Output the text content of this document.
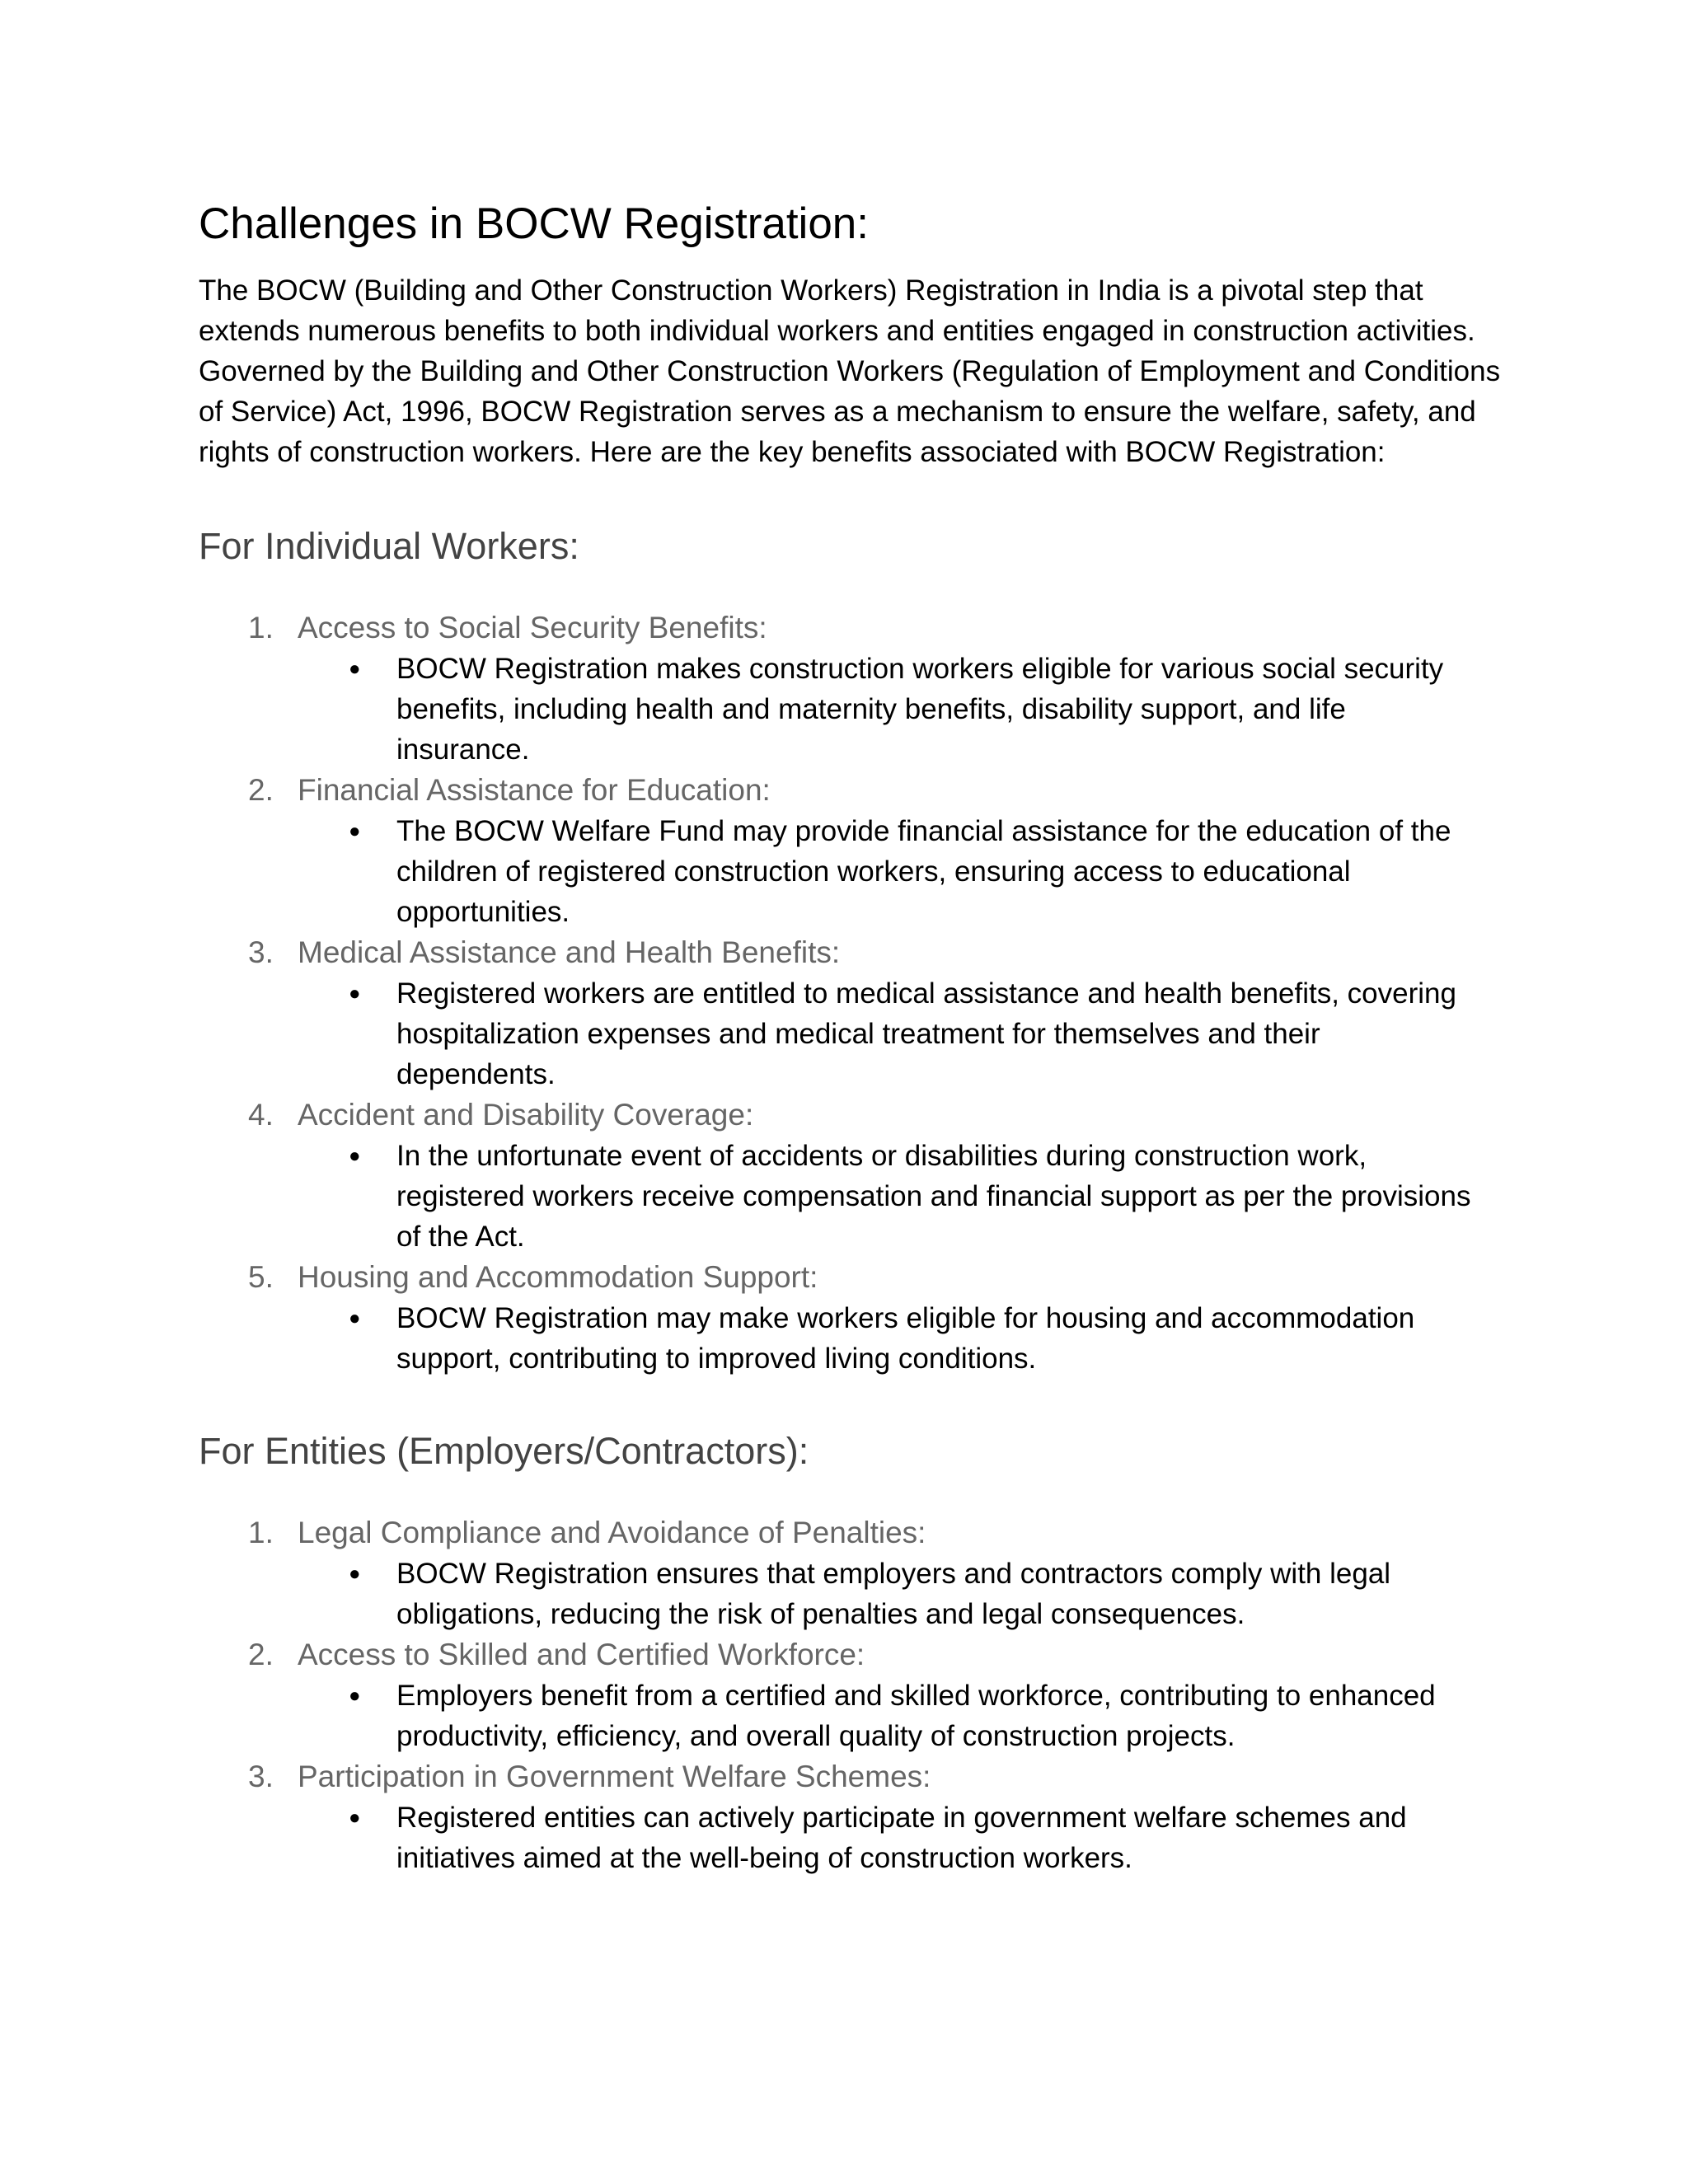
Challenges in BOCW Registration:

The BOCW (Building and Other Construction Workers) Registration in India is a pivotal step that extends numerous benefits to both individual workers and entities engaged in construction activities. Governed by the Building and Other Construction Workers (Regulation of Employment and Conditions of Service) Act, 1996, BOCW Registration serves as a mechanism to ensure the welfare, safety, and rights of construction workers. Here are the key benefits associated with BOCW Registration:

For Individual Workers:
1. Access to Social Security Benefits:
● BOCW Registration makes construction workers eligible for various social security benefits, including health and maternity benefits, disability support, and life insurance.
2. Financial Assistance for Education:
● The BOCW Welfare Fund may provide financial assistance for the education of the children of registered construction workers, ensuring access to educational opportunities.
3. Medical Assistance and Health Benefits:
● Registered workers are entitled to medical assistance and health benefits, covering hospitalization expenses and medical treatment for themselves and their dependents.
4. Accident and Disability Coverage:
● In the unfortunate event of accidents or disabilities during construction work, registered workers receive compensation and financial support as per the provisions of the Act.
5. Housing and Accommodation Support:
● BOCW Registration may make workers eligible for housing and accommodation support, contributing to improved living conditions.
For Entities (Employers/Contractors):
1. Legal Compliance and Avoidance of Penalties:
● BOCW Registration ensures that employers and contractors comply with legal obligations, reducing the risk of penalties and legal consequences.
2. Access to Skilled and Certified Workforce:
● Employers benefit from a certified and skilled workforce, contributing to enhanced productivity, efficiency, and overall quality of construction projects.
3. Participation in Government Welfare Schemes:
● Registered entities can actively participate in government welfare schemes and initiatives aimed at the well-being of construction workers.
